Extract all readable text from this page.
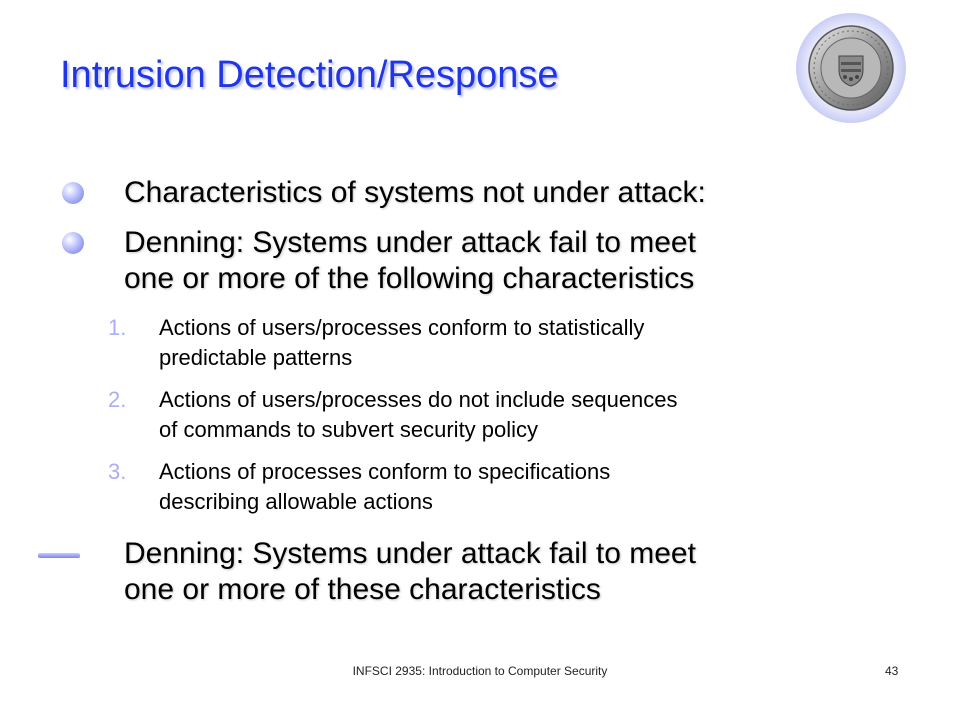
Intrusion Detection/Response
Characteristics of systems not under attack:
Denning: Systems under attack fail to meet
one or more of the following characteristics
1. Actions of users/processes conform to statistically
predictable patterns
2. Actions of users/processes do not include sequences
of commands to subvert security policy
3. Actions of processes conform to specifications
describing allowable actions
Denning: Systems under attack fail to meet
one or more of these characteristics
INFSCI 2935: Introduction to Computer Security	43
